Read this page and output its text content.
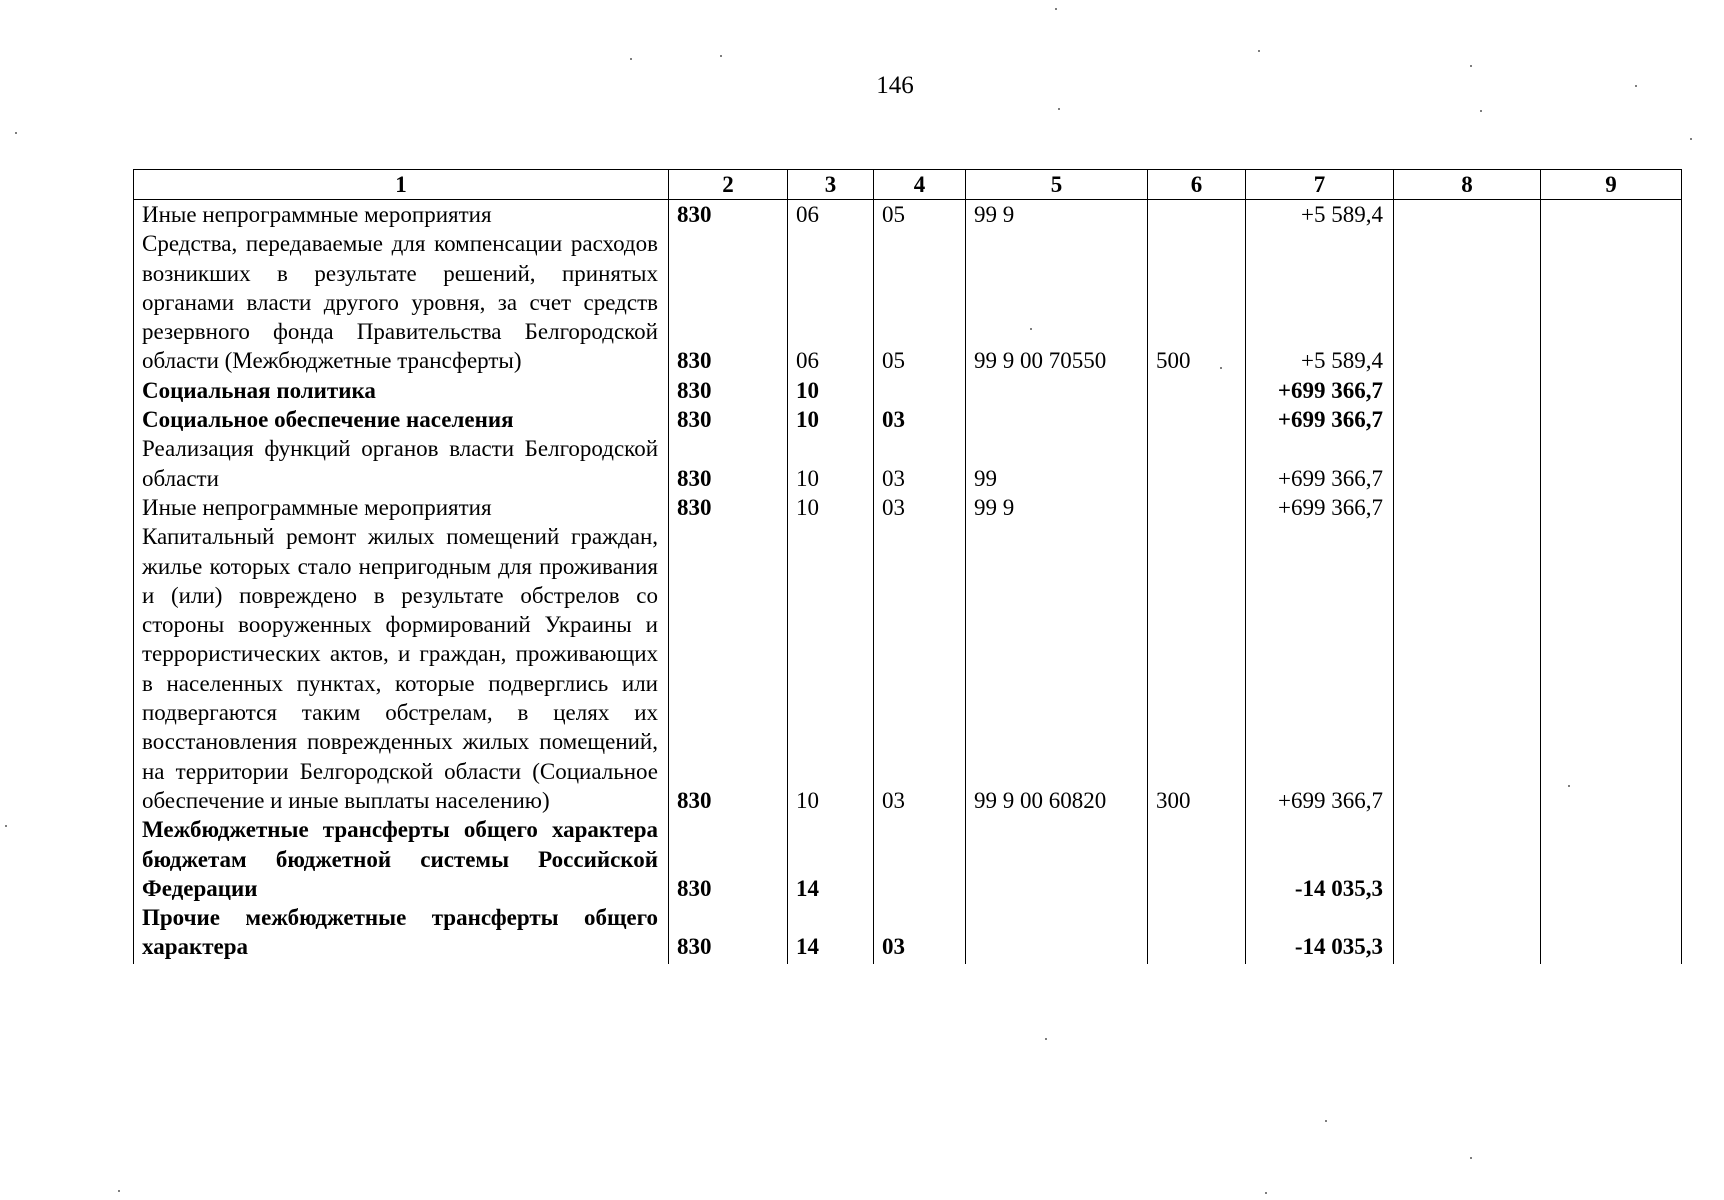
146
1	2	3	4	5	6	7	8	9
Иные непрограммные мероприятия	830	06	05	99 9		+5 589,4		
Средства, передаваемые для компенсации расходов возникших в результате решений, принятых органами власти другого уровня, за счет средств резервного фонда Правительства Белгородской области (Межбюджетные трансферты)	830	06	05	99 9 00 70550	500	+5 589,4		
Социальная политика	830	10				+699 366,7		
Социальное обеспечение населения	830	10	03			+699 366,7		
Реализация функций органов власти Белгородской области	830	10	03	99		+699 366,7		
Иные непрограммные мероприятия	830	10	03	99 9		+699 366,7		
Капитальный ремонт жилых помещений граждан, жилье которых стало непригодным для проживания и (или) повреждено в результате обстрелов со стороны вооруженных формирований Украины и террористических актов, и граждан, проживающих в населенных пунктах, которые подверглись или подвергаются таким обстрелам, в целях их восстановления поврежденных жилых помещений, на территории Белгородской области (Социальное обеспечение и иные выплаты населению)	830	10	03	99 9 00 60820	300	+699 366,7		
Межбюджетные трансферты общего характера бюджетам бюджетной системы Российской Федерации	830	14				-14 035,3		
Прочие межбюджетные трансферты общего характера	830	14	03			-14 035,3		
